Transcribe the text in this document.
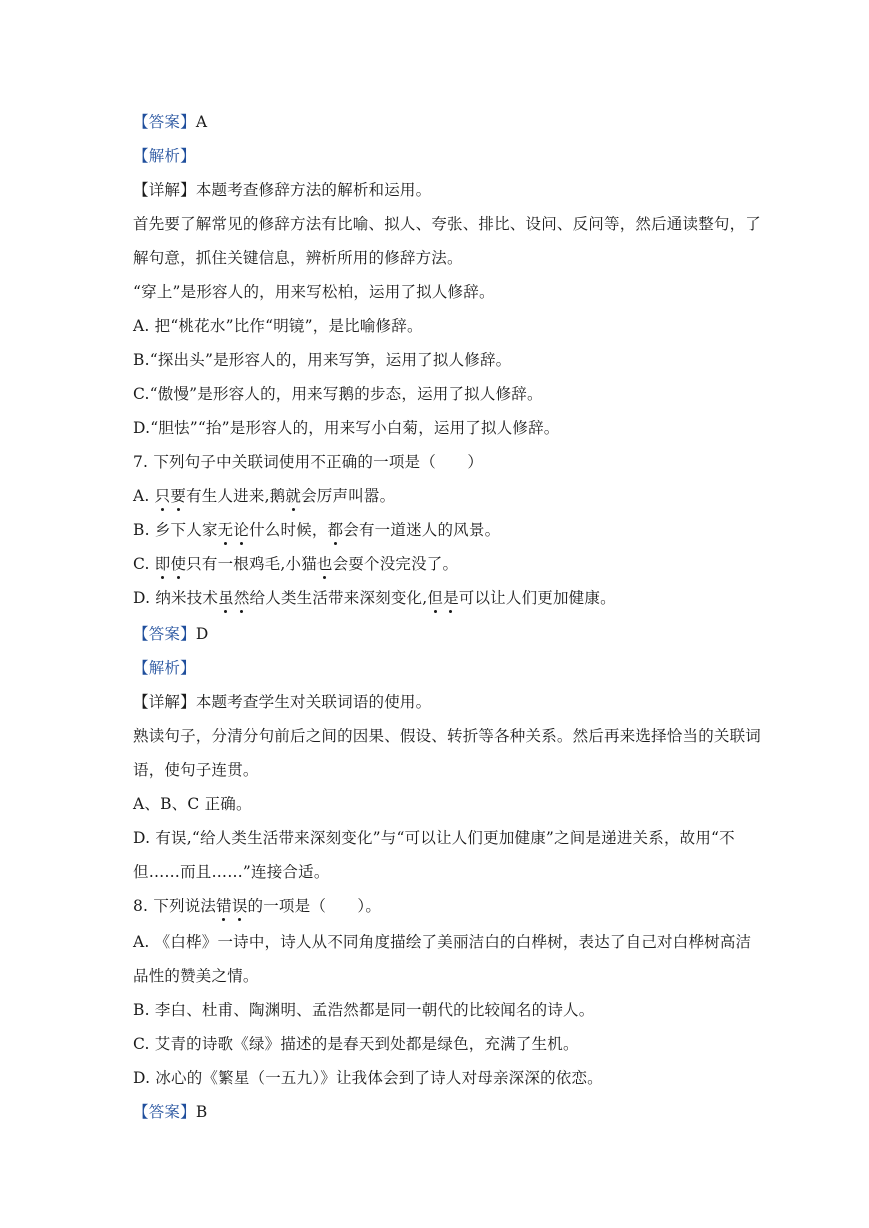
【答案】A
【解析】
【详解】本题考查修辞方法的解析和运用。
首先要了解常见的修辞方法有比喻、拟人、夸张、排比、设问、反问等，然后通读整句，了
解句意，抓住关键信息，辨析所用的修辞方法。
“穿上”是形容人的，用来写松柏，运用了拟人修辞。
A. 把“桃花水”比作“明镜”，是比喻修辞。
B.“探出头”是形容人的，用来写笋，运用了拟人修辞。
C.“傲慢”是形容人的，用来写鹅的步态，运用了拟人修辞。
D.“胆怯”“抬”是形容人的，用来写小白菊，运用了拟人修辞。
7. 下列句子中关联词使用不正确的一项是（　　）
A. 只要有生人进来,鹅就会厉声叫嚣。
B. 乡下人家无论什么时候，都会有一道迷人的风景。
C. 即使只有一根鸡毛,小猫也会耍个没完没了。
D. 纳米技术虽然给人类生活带来深刻变化,但是可以让人们更加健康。
【答案】D
【解析】
【详解】本题考查学生对关联词语的使用。
熟读句子，分清分句前后之间的因果、假设、转折等各种关系。然后再来选择恰当的关联词
语，使句子连贯。
A、B、C 正确。
D. 有误,“给人类生活带来深刻变化”与“可以让人们更加健康”之间是递进关系，故用“不
但……而且……”连接合适。
8. 下列说法错误的一项是（　　）。
A. 《白桦》一诗中，诗人从不同角度描绘了美丽洁白的白桦树，表达了自己对白桦树高洁
品性的赞美之情。
B. 李白、杜甫、陶渊明、孟浩然都是同一朝代的比较闻名的诗人。
C. 艾青的诗歌《绿》描述的是春天到处都是绿色，充满了生机。
D. 冰心的《繁星（一五九）》让我体会到了诗人对母亲深深的依恋。
【答案】B
